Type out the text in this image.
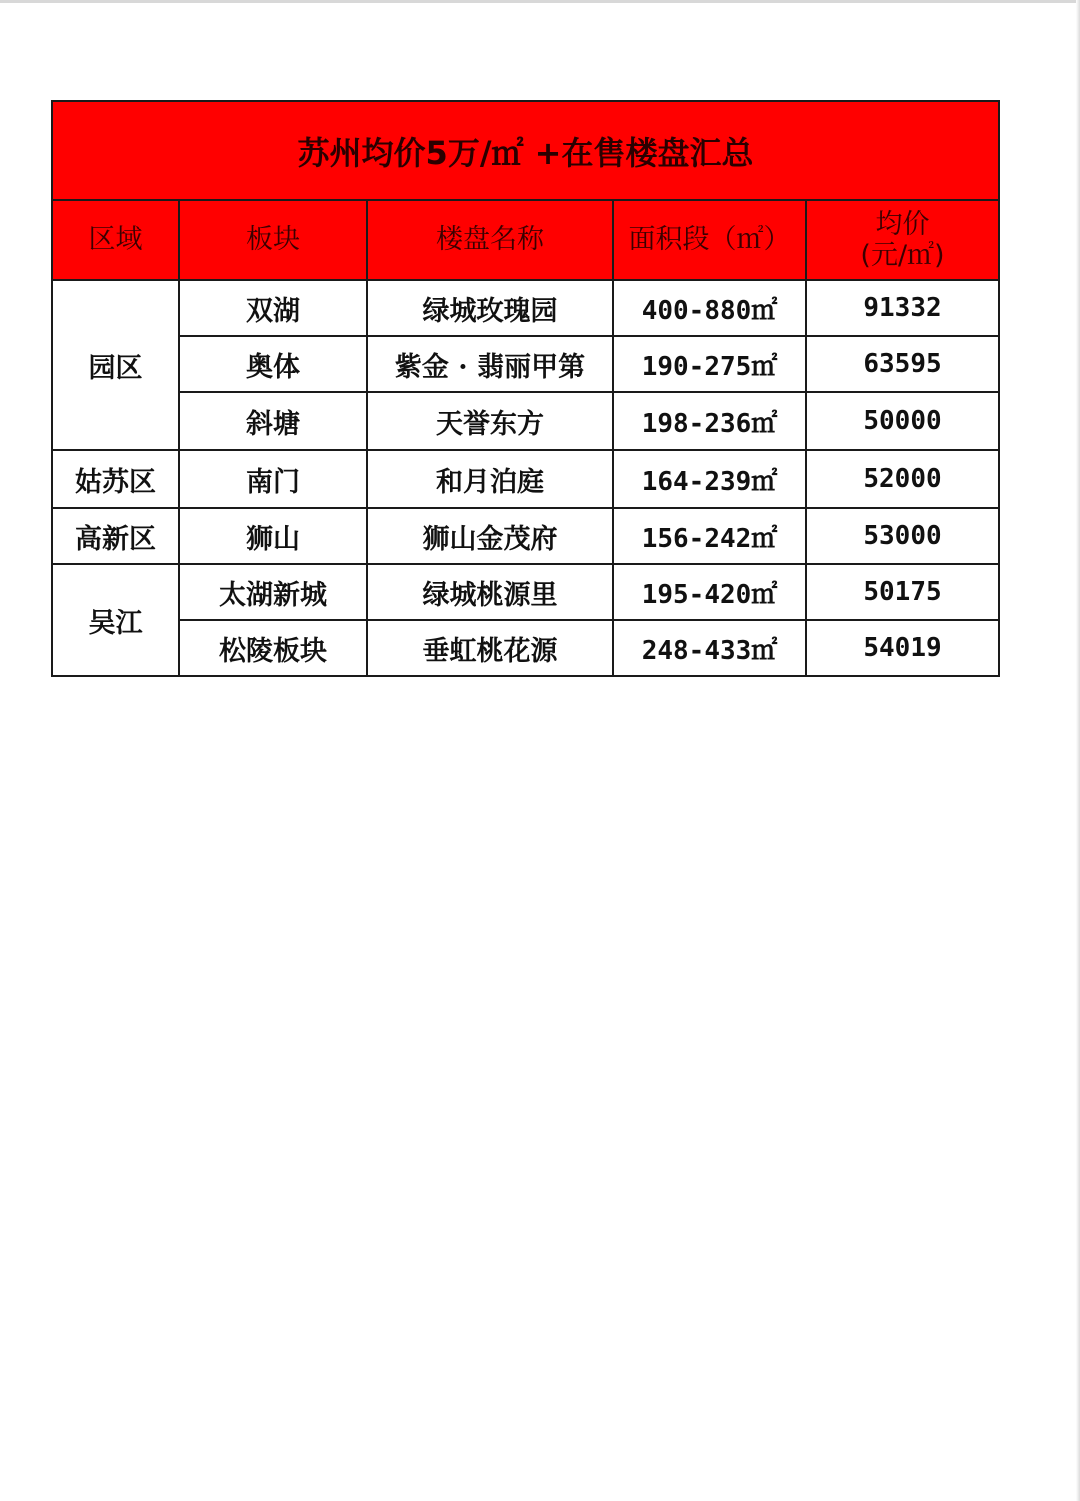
苏州均价5万/㎡ +在售楼盘汇总				
区域	板块	楼盘名称	面积段（㎡）	均价
(元/㎡)

园区	双湖	绿城玫瑰园	400-880㎡	91332
	奥体	紫金 · 翡丽甲第	190-275㎡	63595
	斜塘	天誉东方	198-236㎡	50000
姑苏区	南门	和月泊庭	164-239㎡	52000
高新区	狮山	狮山金茂府	156-242㎡	53000
吴江	太湖新城	绿城桃源里	195-420㎡	50175
	松陵板块	垂虹桃花源	248-433㎡	54019
